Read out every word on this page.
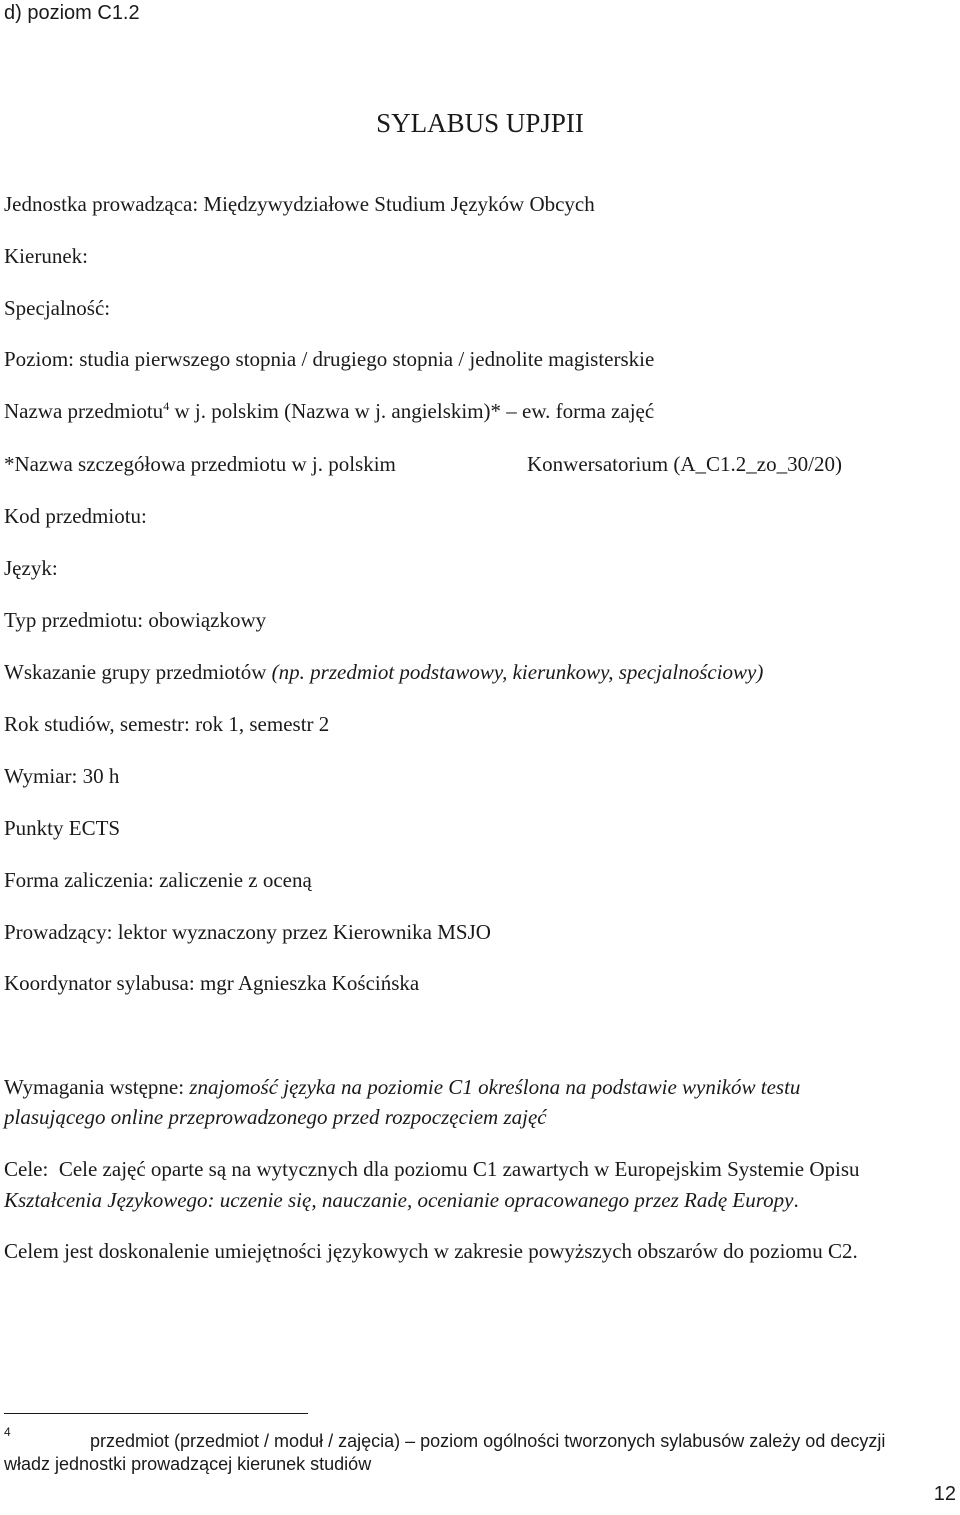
d) poziom C1.2
SYLABUS UPJPII
Jednostka prowadząca: Międzywydziałowe Studium Języków Obcych
Kierunek:
Specjalność:
Poziom: studia pierwszego stopnia / drugiego stopnia / jednolite magisterskie
Nazwa przedmiotu$^4$ w j. polskim (Nazwa w j. angielskim)* – ew. forma zajęć
*Nazwa szczegółowa przedmiotu w j. polskim	Konwersatorium (A_C1.2_zo_30/20)
Kod przedmiotu:
Język:
Typ przedmiotu: obowiązkowy
Wskazanie grupy przedmiotów (np. przedmiot podstawowy, kierunkowy, specjalnościowy)
Rok studiów, semestr: rok 1, semestr 2
Wymiar: 30 h
Punkty ECTS
Forma zaliczenia: zaliczenie z oceną
Prowadzący: lektor wyznaczony przez Kierownika MSJO
Koordynator sylabusa: mgr Agnieszka Kościńska
Wymagania wstępne: znajomość języka na poziomie C1 określona na podstawie wyników testu
plasującego online przeprowadzonego przed rozpoczęciem zajęć
Cele:  Cele zajęć oparte są na wytycznych dla poziomu C1 zawartych w Europejskim Systemie Opisu
Kształcenia Językowego: uczenie się, nauczanie, ocenianie opracowanego przez Radę Europy.
Celem jest doskonalenie umiejętności językowych w zakresie powyższych obszarów do poziomu C2.
$^4$	przedmiot (przedmiot / moduł / zajęcia) – poziom ogólności tworzonych sylabusów zależy od decyzji
władz jednostki prowadzącej kierunek studiów
12
